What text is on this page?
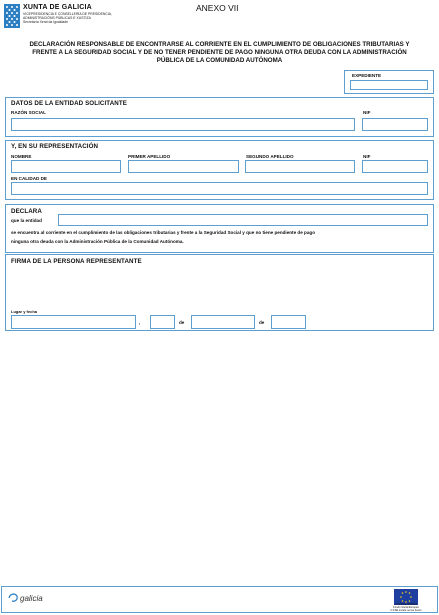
XUNTA DE GALICIA
VICEPRESIDENCIA E CONSELLERÍA DE PRESIDENCIA,
ADMINISTRACIÓNS PÚBLICAS E XUSTIZA
Secretaría Xeral da Igualdade
ANEXO VII
DECLARACIÓN RESPONSABLE DE ENCONTRARSE AL CORRIENTE EN EL CUMPLIMIENTO DE OBLIGACIONES TRIBUTARIAS Y
FRENTE A LA SEGURIDAD SOCIAL Y DE NO TENER PENDIENTE DE PAGO NINGUNA OTRA DEUDA CON LA ADMINISTRACIÓN
PÚBLICA DE LA COMUNIDAD AUTÓNOMA
EXPEDIENTE
DATOS DE LA ENTIDAD SOLICITANTE
RAZÓN SOCIAL	NIF
Y, EN SU REPRESENTACIÓN
NOMBRE	PRIMER APELLIDO	SEGUNDO APELLIDO	NIF
EN CALIDAD DE
DECLARA
que la entidad
se encuentra al corriente en el cumplimiento de las obligaciones tributarias y frente a la Seguridad Social y que no tiene pendiente de pago
ninguna otra deuda con la Administración Pública de la Comunidad Autónoma.
FIRMA DE LA PERSONA REPRESENTANTE
Lugar y fecha
,	de	de
galicia
UNIÓN EUROPEA
Fondo Social Europeo
O FSE inviste no teu futuro
